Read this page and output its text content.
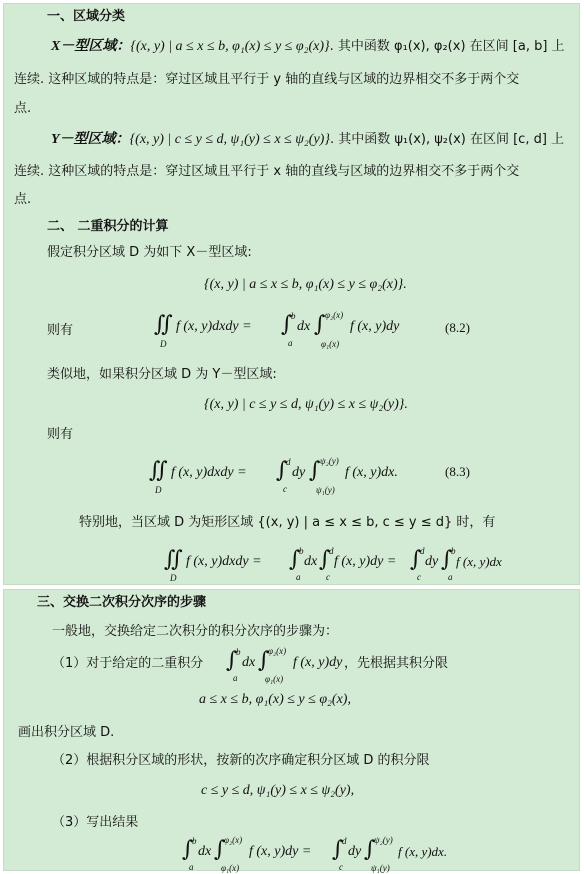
一、区域分类
X－型区域：{(x, y) | a ≤ x ≤ b, φ₁(x) ≤ y ≤ φ₂(x)}. 其中函数 φ₁(x), φ₂(x) 在区间 [a, b] 上
连续. 这种区域的特点是：穿过区域且平行于 y 轴的直线与区域的边界相交不多于两个交
点.
Y－型区域：{(x, y) | c ≤ y ≤ d, ψ₁(y) ≤ x ≤ ψ₂(y)}. 其中函数 ψ₁(x), ψ₂(x) 在区间 [c, d] 上
连续. 这种区域的特点是：穿过区域且平行于 x 轴的直线与区域的边界相交不多于两个交
点.
二、 二重积分的计算
假定积分区域 D 为如下 X－型区域:
{(x, y) | a ≤ x ≤ b, φ₁(x) ≤ y ≤ φ₂(x)}.
则有	∬
D
f (x, y)dxdy = ∫
b
a
dx ∫ φ₂(x)
φ₁(x)
f (x, y)dy	(8.2)
类似地，如果积分区域 D 为 Y－型区域:
{(x, y) | c ≤ y ≤ d, ψ₁(y) ≤ x ≤ ψ₂(y)}.
则有
∬
D
f (x, y)dxdy = ∫
d
c
dy ∫ ψ₂(y)
ψ₁(y)
f (x, y)dx.	(8.3)
特别地，当区域 D 为矩形区域 {(x, y) | a ≤ x ≤ b, c ≤ y ≤ d} 时，有
∬
D
f (x, y)dxdy = ∫
b
a
dx ∫
d
c
f (x, y)dy = ∫
d
c
dy ∫
b
a
f (x, y)dx
三、交换二次积分次序的步骤
一般地，交换给定二次积分的积分次序的步骤为：
（1）对于给定的二重积分 ∫
b
a
dx ∫
φ₂(x)
φ₁(x)
f (x, y)dy ，先根据其积分限
a ≤ x ≤ b, φ₁(x) ≤ y ≤ φ₂(x),
画出积分区域 D.
（2）根据积分区域的形状，按新的次序确定积分区域 D 的积分限
c ≤ y ≤ d, ψ₁(y) ≤ x ≤ ψ₂(y),
（3）写出结果
∫
b
a
dx ∫
φ₂(x)
φ₁(x)
f (x, y)dy = ∫
d
c
dy ∫
ψ₂(y)
ψ₁(y)
f (x, y)dx.
